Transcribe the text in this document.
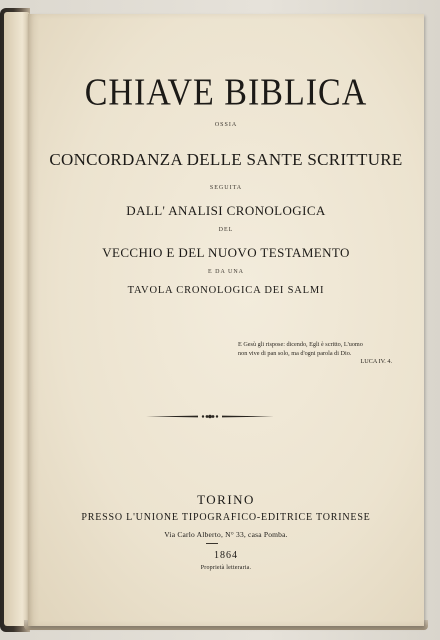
CHIAVE BIBLICA
OSSIA
CONCORDANZA DELLE SANTE SCRITTURE
SEGUITA
DALL' ANALISI CRONOLOGICA
DEL
VECCHIO E DEL NUOVO TESTAMENTO
E DA UNA
TAVOLA CRONOLOGICA DEI SALMI
E Gesù gli rispose: dicendo, Egli è scritto, L'uomo
non vive di pan solo, ma d'ogni parola di Dio.
LUCA IV. 4.
TORINO
PRESSO L'UNIONE TIPOGRAFICO-EDITRICE TORINESE
Via Carlo Alberto, N° 33, casa Pomba.
1864
Proprietà letteraria.
